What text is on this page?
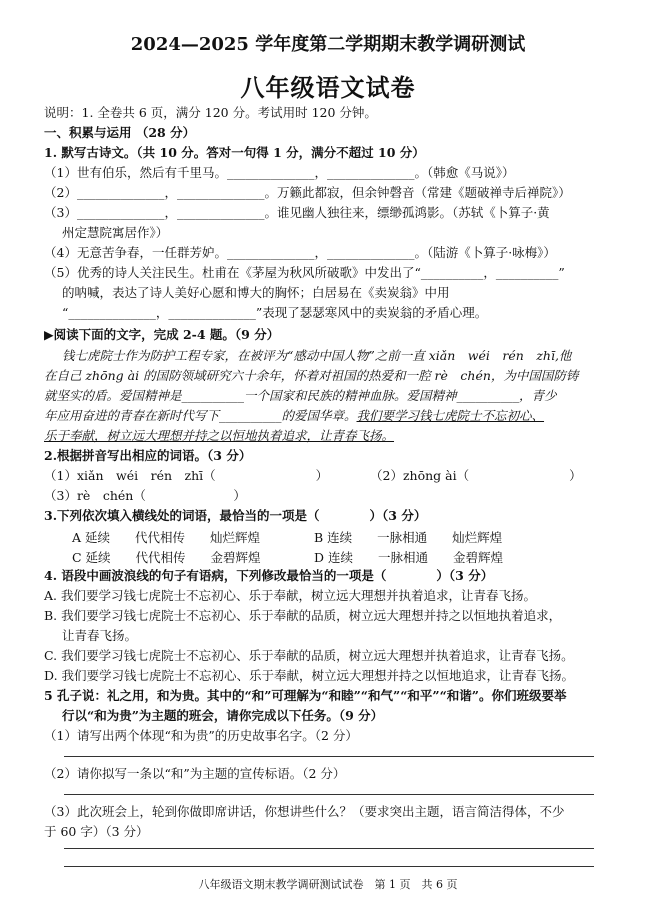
2024—2025 学年度第二学期期末教学调研测试
八年级语文试卷
说明：1. 全卷共 6 页，满分 120 分。考试用时 120 分钟。
一、积累与运用 （28 分）
1. 默写古诗文。（共 10 分。答对一句得 1 分，满分不超过 10 分）
（1）世有伯乐，然后有千里马。______________，______________。（韩愈《马说》）
（2）______________，______________。万籁此都寂，但余钟磬音（常建《题破禅寺后禅院》）
（3）______________，______________。谁见幽人独往来，缥缈孤鸿影。（苏轼《卜算子·黄
州定慧院寓居作》）
（4）无意苦争春，一任群芳妒。______________，______________。（陆游《卜算子·咏梅》）
（5）优秀的诗人关注民生。杜甫在《茅屋为秋风所破歌》中发出了“__________，__________”
的呐喊，表达了诗人美好心愿和博大的胸怀；白居易在《卖炭翁》中用
“______________，______________”表现了瑟瑟寒风中的卖炭翁的矛盾心理。
▶阅读下面的文字，完成 2-4 题。（9 分）
钱七虎院士作为防护工程专家，在被评为“感动中国人物”之前一直 xiǎn　wéi　rén　zhī,他
在自己 zhōng ài 的国防领域研究六十余年，怀着对祖国的热爱和一腔 rè　chén，为中国国防铸
就坚实的盾。爱国精神是__________一个国家和民族的精神血脉。爱国精神__________，青少
年应用奋进的青春在新时代写下__________的爱国华章。我们要学习钱七虎院士不忘初心、
乐于奉献，树立远大理想并持之以恒地执着追求，让青春飞扬。
2.根据拼音写出相应的词语。（3 分）
（1）xiǎn　wéi　rén　zhī（　　　　　　　　）	（2）zhōng ài（　　　　　　　　）
（3）rè　chén（　　　　　　　）
3.下列依次填入横线处的词语，最恰当的一项是（　　　　）（3 分）
A 延续　　代代相传　　灿烂辉煌	B 连续　　一脉相通　　灿烂辉煌
C 延续　　代代相传　　金碧辉煌	D 连续　　一脉相通　　金碧辉煌
4. 语段中画波浪线的句子有语病，下列修改最恰当的一项是（　　　　）（3 分）
A. 我们要学习钱七虎院士不忘初心、乐于奉献，树立远大理想并执着追求，让青春飞扬。
B. 我们要学习钱七虎院士不忘初心、乐于奉献的品质，树立远大理想并持之以恒地执着追求，
让青春飞扬。
C. 我们要学习钱七虎院士不忘初心、乐于奉献的品质，树立远大理想并执着追求，让青春飞扬。
D. 我们要学习钱七虎院士不忘初心、乐于奉献，树立远大理想并持之以恒地追求，让青春飞扬。
5 孔子说：礼之用，和为贵。其中的“和”可理解为“和睦”“和气”“和平”“和谐”。你们班级要举
行以“和为贵”为主题的班会，请你完成以下任务。（9 分）
（1）请写出两个体现“和为贵”的历史故事名字。（2 分）
（2）请你拟写一条以“和”为主题的宣传标语。（2 分）
（3）此次班会上，轮到你做即席讲话，你想讲些什么？（要求突出主题，语言简洁得体，不少
于 60 字）（3 分）
八年级语文期末教学调研测试试卷　第 1 页　共 6 页
